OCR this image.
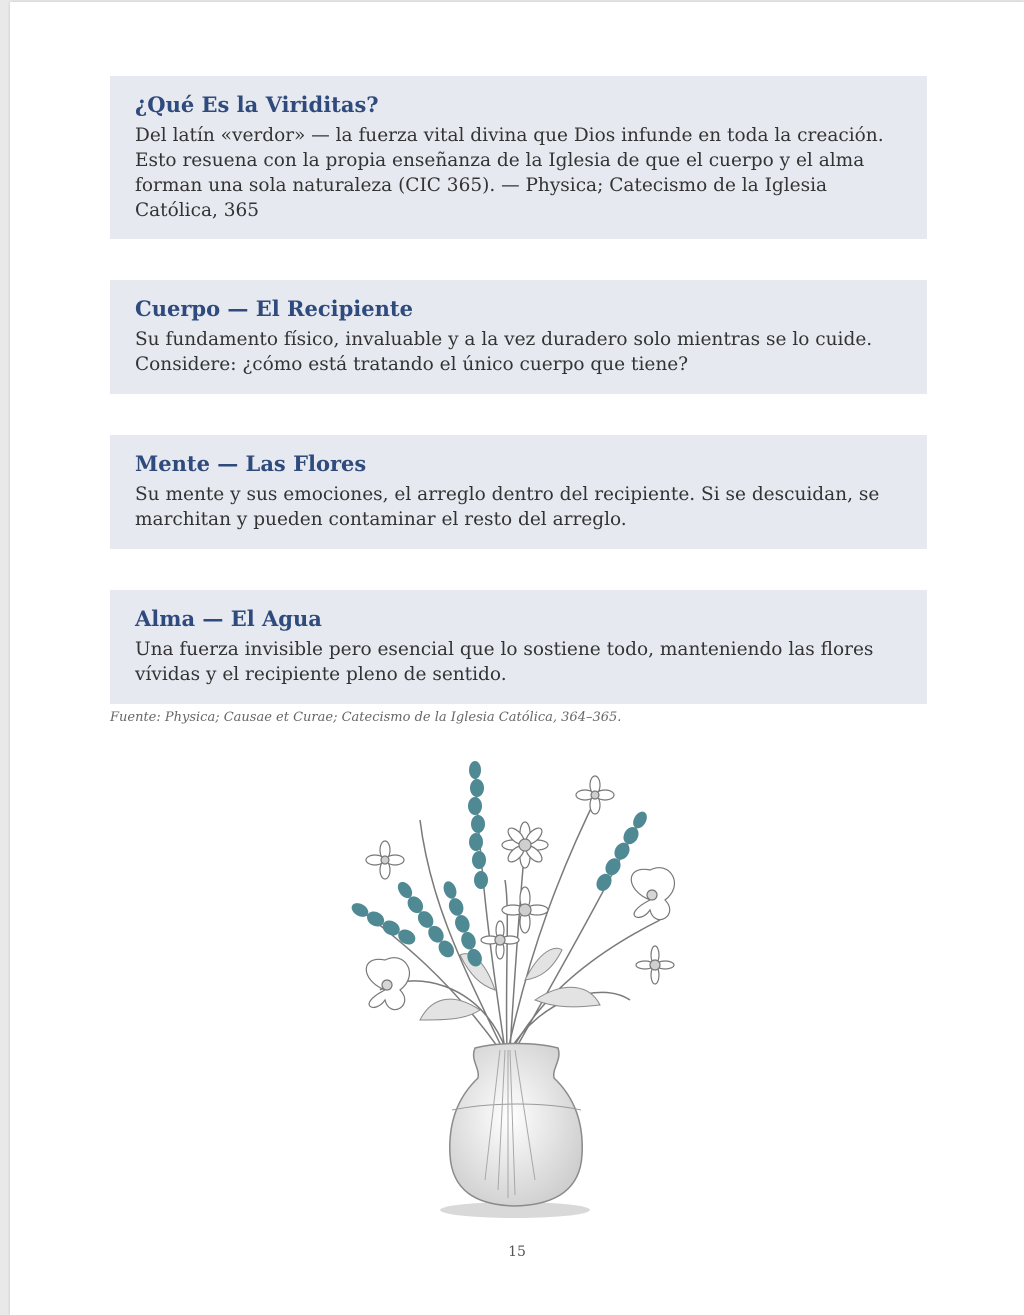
¿Qué Es la Viriditas?

Del latín «verdor» — la fuerza vital divina que Dios infunde en toda la creación. Esto resuena con la propia enseñanza de la Iglesia de que el cuerpo y el alma forman una sola naturaleza (CIC 365). — Physica; Catecismo de la Iglesia Católica, 365

Cuerpo — El Recipiente

Su fundamento físico, invaluable y a la vez duradero solo mientras se lo cuide. Considere: ¿cómo está tratando el único cuerpo que tiene?

Mente — Las Flores

Su mente y sus emociones, el arreglo dentro del recipiente. Si se descuidan, se marchitan y pueden contaminar el resto del arreglo.

Alma — El Agua

Una fuerza invisible pero esencial que lo sostiene todo, manteniendo las flores vívidas y el recipiente pleno de sentido.

Fuente: Physica; Causae et Curae; Catecismo de la Iglesia Católica, 364–365.
15
